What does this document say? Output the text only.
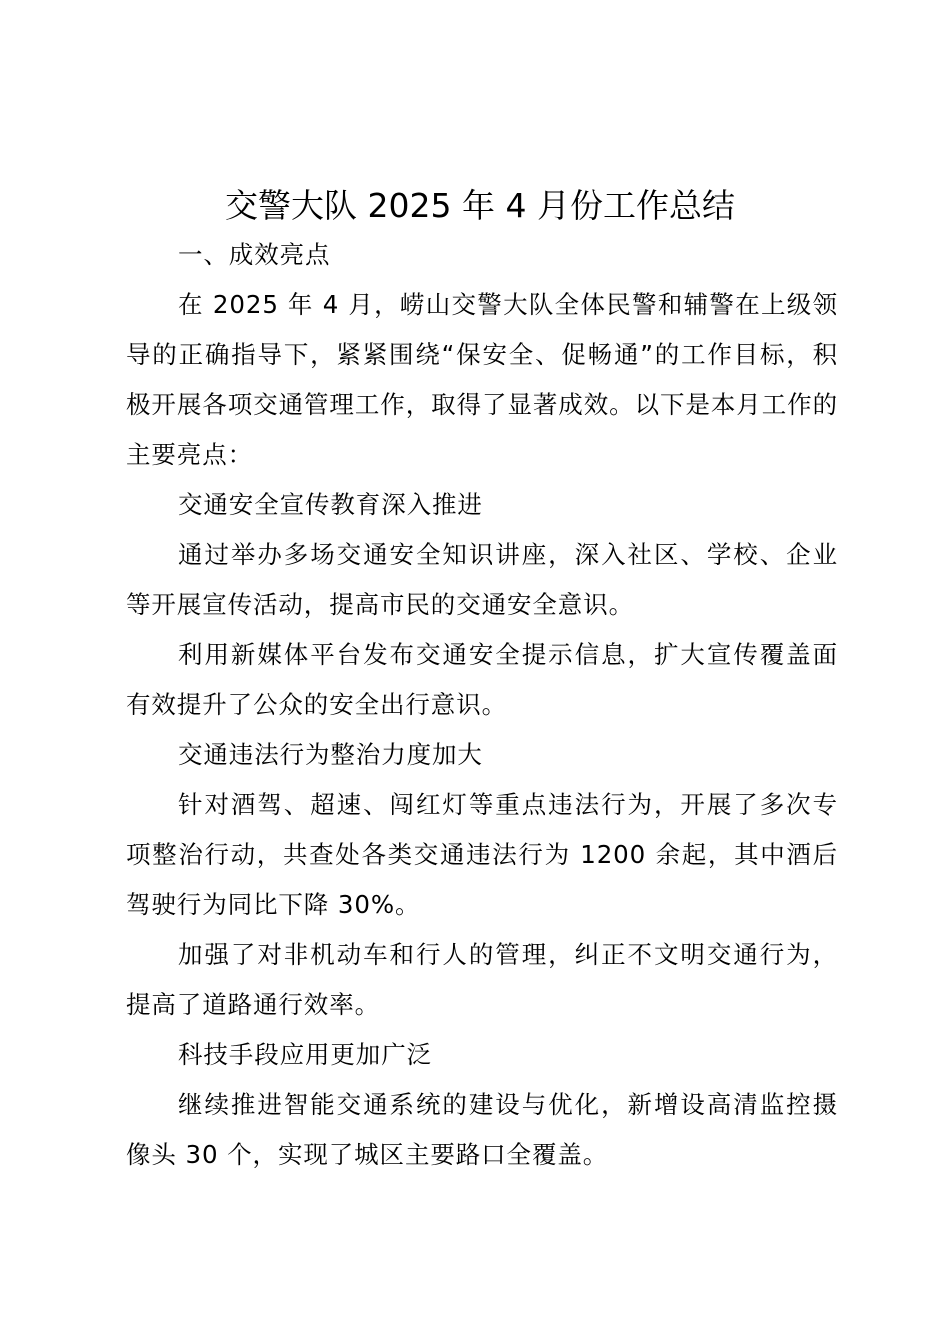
交警大队 2025 年 4 月份工作总结

一、成效亮点

在 2025 年 4 月，崂山交警大队全体民警和辅警在上级领导的正确指导下，紧紧围绕“保安全、促畅通”的工作目标，积极开展各项交通管理工作，取得了显著成效。以下是本月工作的主要亮点：

交通安全宣传教育深入推进

通过举办多场交通安全知识讲座，深入社区、学校、企业等开展宣传活动，提高市民的交通安全意识。

利用新媒体平台发布交通安全提示信息，扩大宣传覆盖面有效提升了公众的安全出行意识。

交通违法行为整治力度加大

针对酒驾、超速、闯红灯等重点违法行为，开展了多次专项整治行动，共查处各类交通违法行为 1200 余起，其中酒后驾驶行为同比下降 30%。

加强了对非机动车和行人的管理，纠正不文明交通行为，提高了道路通行效率。

科技手段应用更加广泛

继续推进智能交通系统的建设与优化，新增设高清监控摄像头 30 个，实现了城区主要路口全覆盖。
